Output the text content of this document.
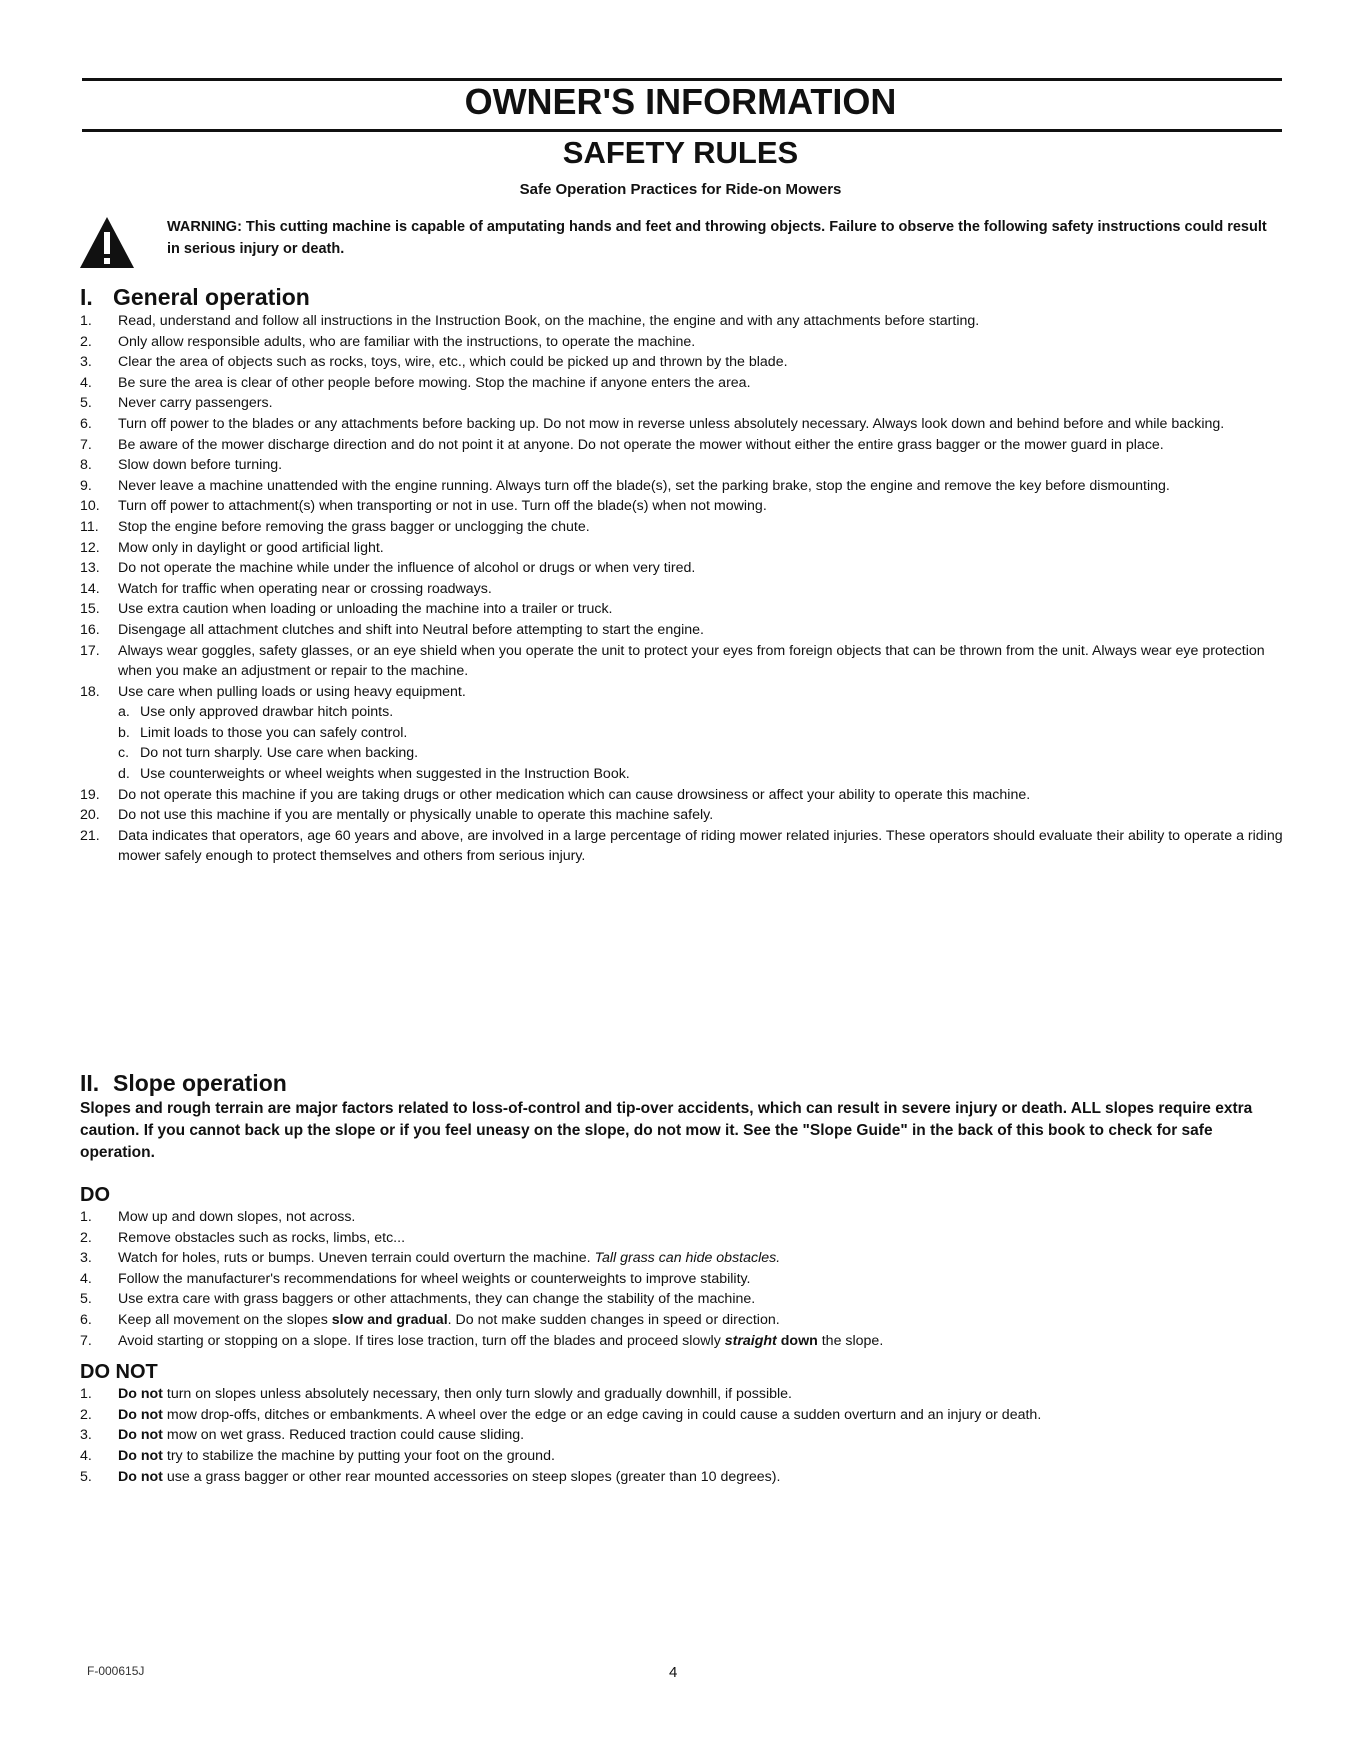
OWNER'S INFORMATION
SAFETY RULES
Safe Operation Practices for Ride-on Mowers
WARNING: This cutting machine is capable of amputating hands and feet and throwing objects. Failure to observe the following safety instructions could result in serious injury or death.
I. General operation
1. Read, understand and follow all instructions in the Instruction Book, on the machine, the engine and with any attachments before starting.
2. Only allow responsible adults, who are familiar with the instructions, to operate the machine.
3. Clear the area of objects such as rocks, toys, wire, etc., which could be picked up and thrown by the blade.
4. Be sure the area is clear of other people before mowing. Stop the machine if anyone enters the area.
5. Never carry passengers.
6. Turn off power to the blades or any attachments before backing up. Do not mow in reverse unless absolutely necessary. Always look down and behind before and while backing.
7. Be aware of the mower discharge direction and do not point it at anyone. Do not operate the mower without either the entire grass bagger or the mower guard in place.
8. Slow down before turning.
9. Never leave a machine unattended with the engine running. Always turn off the blade(s), set the parking brake, stop the engine and remove the key before dismounting.
10. Turn off power to attachment(s) when transporting or not in use. Turn off the blade(s) when not mowing.
11. Stop the engine before removing the grass bagger or unclogging the chute.
12. Mow only in daylight or good artificial light.
13. Do not operate the machine while under the influence of alcohol or drugs or when very tired.
14. Watch for traffic when operating near or crossing roadways.
15. Use extra caution when loading or unloading the machine into a trailer or truck.
16. Disengage all attachment clutches and shift into Neutral before attempting to start the engine.
17. Always wear goggles, safety glasses, or an eye shield when you operate the unit to protect your eyes from foreign objects that can be thrown from the unit. Always wear eye protection when you make an adjustment or repair to the machine.
18. Use care when pulling loads or using heavy equipment.
a. Use only approved drawbar hitch points.
b. Limit loads to those you can safely control.
c. Do not turn sharply. Use care when backing.
d. Use counterweights or wheel weights when suggested in the Instruction Book.
19. Do not operate this machine if you are taking drugs or other medication which can cause drowsiness or affect your ability to operate this machine.
20. Do not use this machine if you are mentally or physically unable to operate this machine safely.
21. Data indicates that operators, age 60 years and above, are involved in a large percentage of riding mower related injuries. These operators should evaluate their ability to operate a riding mower safely enough to protect themselves and others from serious injury.
II. Slope operation

Slopes and rough terrain are major factors related to loss-of-control and tip-over accidents, which can result in severe injury or death. ALL slopes require extra caution. If you cannot back up the slope or if you feel uneasy on the slope, do not mow it. See the "Slope Guide" in the back of this book to check for safe operation.

DO
1. Mow up and down slopes, not across.
2. Remove obstacles such as rocks, limbs, etc...
3. Watch for holes, ruts or bumps. Uneven terrain could overturn the machine. Tall grass can hide obstacles.
4. Follow the manufacturer's recommendations for wheel weights or counterweights to improve stability.
5. Use extra care with grass baggers or other attachments, they can change the stability of the machine.
6. Keep all movement on the slopes slow and gradual. Do not make sudden changes in speed or direction.
7. Avoid starting or stopping on a slope. If tires lose traction, turn off the blades and proceed slowly straight down the slope.
DO NOT
1. Do not turn on slopes unless absolutely necessary, then only turn slowly and gradually downhill, if possible.
2. Do not mow drop-offs, ditches or embankments. A wheel over the edge or an edge caving in could cause a sudden overturn and an injury or death.
3. Do not mow on wet grass. Reduced traction could cause sliding.
4. Do not try to stabilize the machine by putting your foot on the ground.
5. Do not use a grass bagger or other rear mounted accessories on steep slopes (greater than 10 degrees).
F-000615J	4
